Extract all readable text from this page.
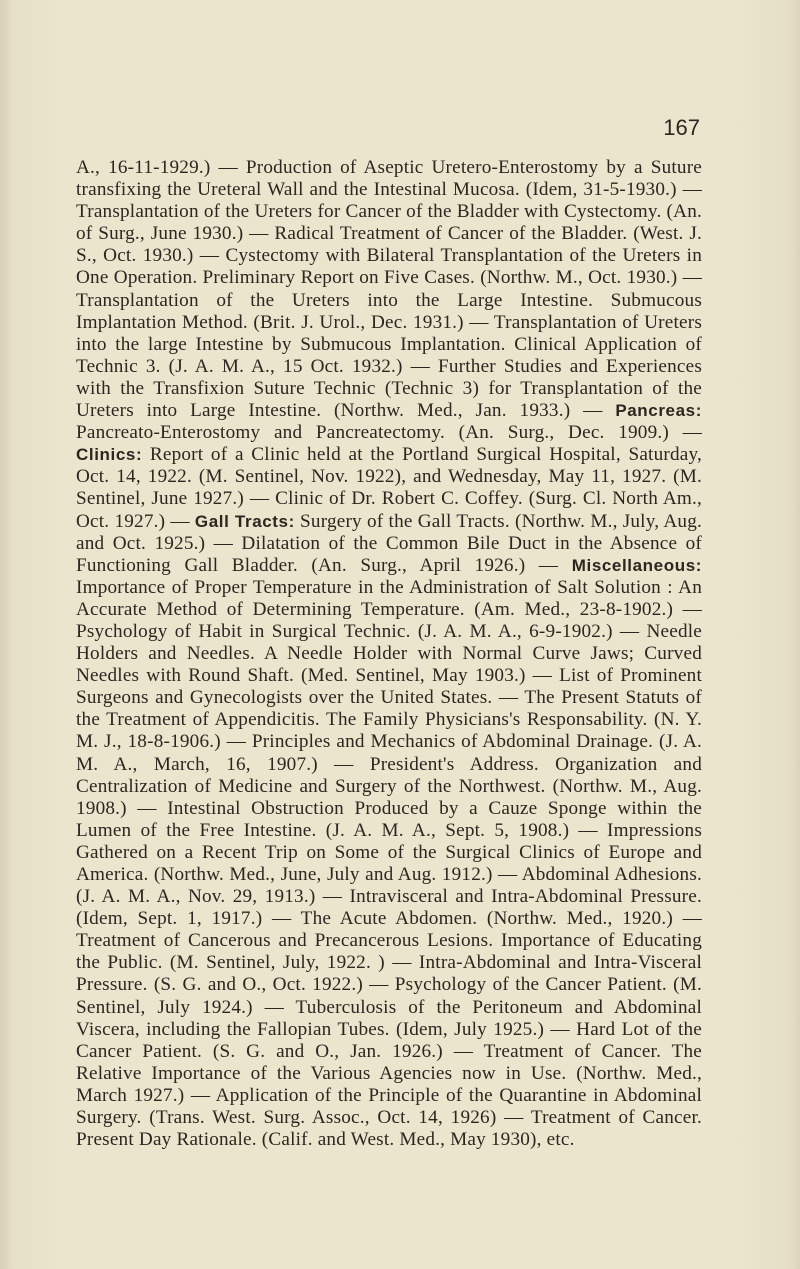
167
A., 16-11-1929.) — Production of Aseptic Uretero-Enterostomy by a Suture transfixing the Ureteral Wall and the Intestinal Mucosa. (Idem, 31-5-1930.) — Transplantation of the Ureters for Cancer of the Bladder with Cystectomy. (An. of Surg., June 1930.) — Radical Treatment of Cancer of the Bladder. (West. J. S., Oct. 1930.) — Cystectomy with Bilateral Transplantation of the Ureters in One Operation. Preliminary Report on Five Cases. (Northw. M., Oct. 1930.) — Transplantation of the Ureters into the Large Intestine. Submucous Implantation Method. (Brit. J. Urol., Dec. 1931.) — Transplantation of Ureters into the large Intestine by Submucous Implantation. Clinical Application of Technic 3. (J. A. M. A., 15 Oct. 1932.) — Further Studies and Experiences with the Transfixion Suture Technic (Technic 3) for Transplantation of the Ureters into Large Intestine. (Northw. Med., Jan. 1933.) — Pancreas: Pancreato-Enterostomy and Pancreatectomy. (An. Surg., Dec. 1909.) — Clinics: Report of a Clinic held at the Portland Surgical Hospital, Saturday, Oct. 14, 1922. (M. Sentinel, Nov. 1922), and Wednesday, May 11, 1927. (M. Sentinel, June 1927.) — Clinic of Dr. Robert C. Coffey. (Surg. Cl. North Am., Oct. 1927.) — Gall Tracts: Surgery of the Gall Tracts. (Northw. M., July, Aug. and Oct. 1925.) — Dilatation of the Common Bile Duct in the Absence of Functioning Gall Bladder. (An. Surg., April 1926.) — Miscellaneous: Importance of Proper Temperature in the Administration of Salt Solution : An Accurate Method of Determining Temperature. (Am. Med., 23-8-1902.) — Psychology of Habit in Surgical Technic. (J. A. M. A., 6-9-1902.) — Needle Holders and Needles. A Needle Holder with Normal Curve Jaws; Curved Needles with Round Shaft. (Med. Sentinel, May 1903.) — List of Prominent Surgeons and Gynecologists over the United States. — The Present Statuts of the Treatment of Appendicitis. The Family Physicians's Responsability. (N. Y. M. J., 18-8-1906.) — Principles and Mechanics of Abdominal Drainage. (J. A. M. A., March, 16, 1907.) — President's Address. Organization and Centralization of Medicine and Surgery of the Northwest. (Northw. M., Aug. 1908.) — Intestinal Obstruction Produced by a Cauze Sponge within the Lumen of the Free Intestine. (J. A. M. A., Sept. 5, 1908.) — Impressions Gathered on a Recent Trip on Some of the Surgical Clinics of Europe and America. (Northw. Med., June, July and Aug. 1912.) — Abdominal Adhesions. (J. A. M. A., Nov. 29, 1913.) — Intravisceral and Intra-Abdominal Pressure. (Idem, Sept. 1, 1917.) — The Acute Abdomen. (Northw. Med., 1920.) — Treatment of Cancerous and Precancerous Lesions. Importance of Educating the Public. (M. Sentinel, July, 1922. ) — Intra-Abdominal and Intra-Visceral Pressure. (S. G. and O., Oct. 1922.) — Psychology of the Cancer Patient. (M. Sentinel, July 1924.) — Tuberculosis of the Peritoneum and Abdominal Viscera, including the Fallopian Tubes. (Idem, July 1925.) — Hard Lot of the Cancer Patient. (S. G. and O., Jan. 1926.) — Treatment of Cancer. The Relative Importance of the Various Agencies now in Use. (Northw. Med., March 1927.) — Application of the Principle of the Quarantine in Abdominal Surgery. (Trans. West. Surg. Assoc., Oct. 14, 1926) — Treatment of Cancer. Present Day Rationale. (Calif. and West. Med., May 1930), etc.
